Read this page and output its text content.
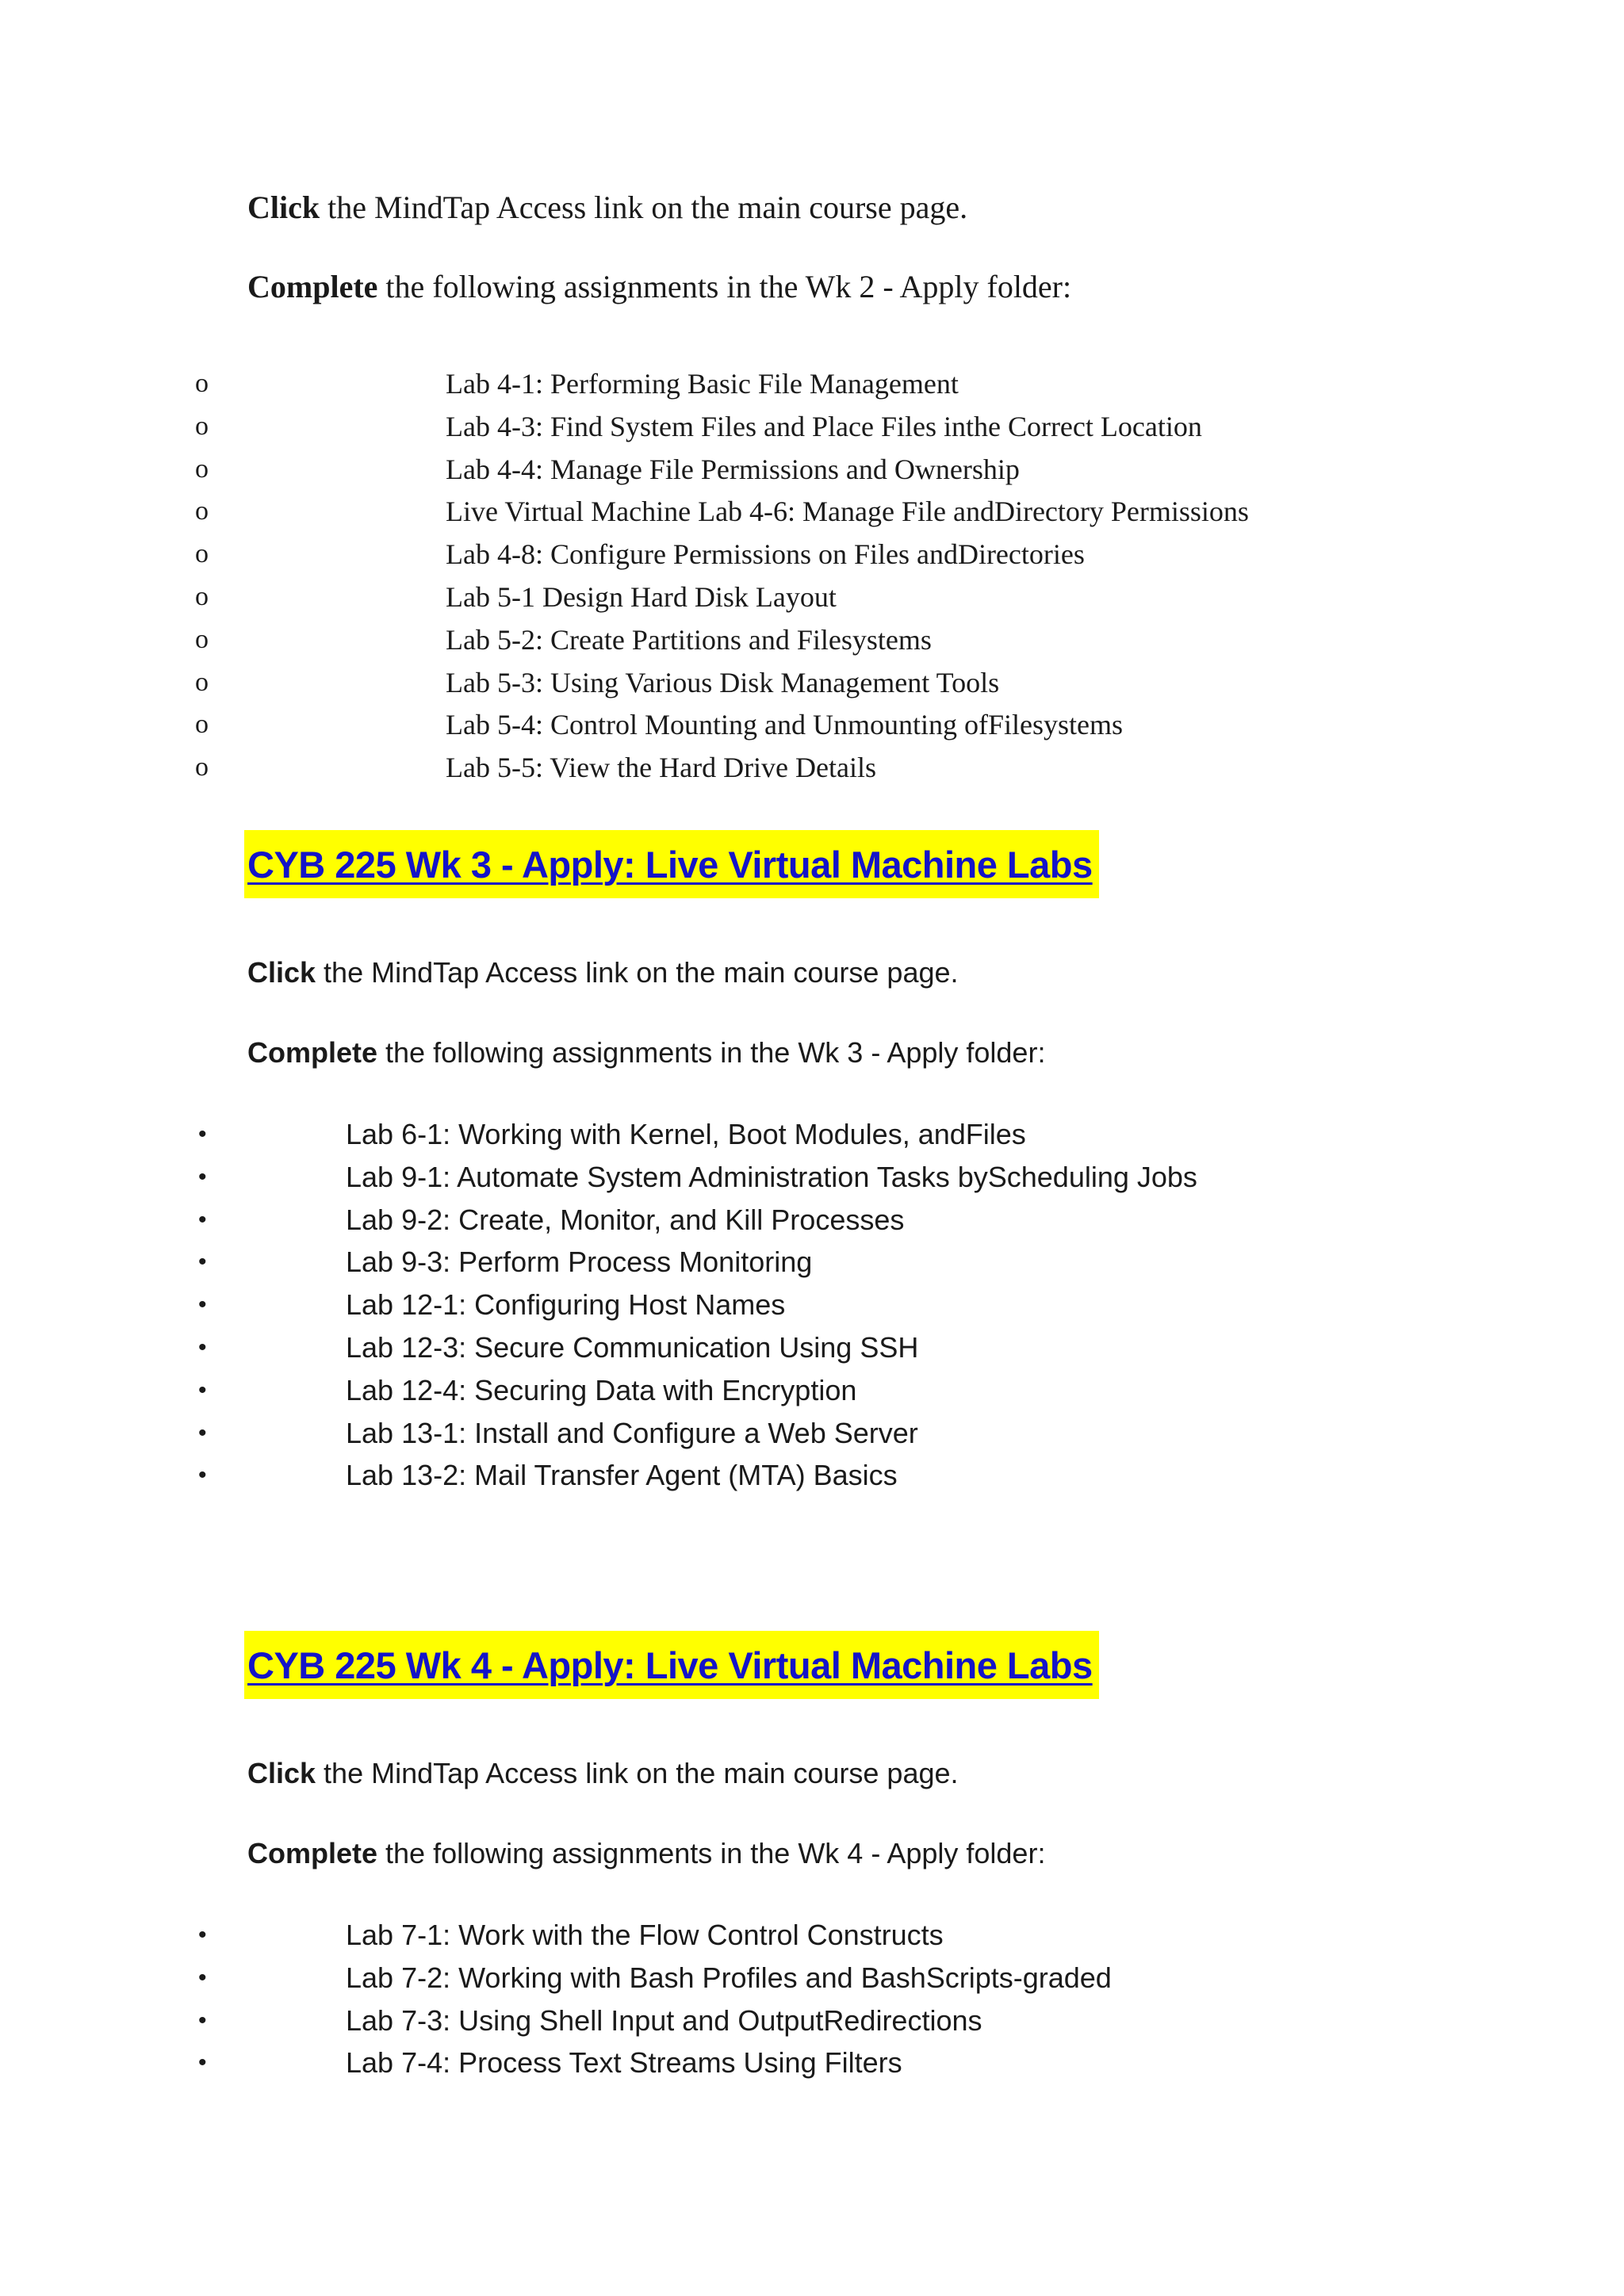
Click the MindTap Access link on the main course page.

Complete the following assignments in the Wk 2 - Apply folder:

o	Lab 4-1: Performing Basic File Management
o	Lab 4-3: Find System Files and Place Files inthe Correct Location
o	Lab 4-4: Manage File Permissions and Ownership
o	Live Virtual Machine Lab 4-6: Manage File andDirectory Permissions
o	Lab 4-8: Configure Permissions on Files andDirectories
o	Lab 5-1 Design Hard Disk Layout
o	Lab 5-2: Create Partitions and Filesystems
o	Lab 5-3: Using Various Disk Management Tools
o	Lab 5-4: Control Mounting and Unmounting ofFilesystems
o	Lab 5-5: View the Hard Drive Details
CYB 225 Wk 3 - Apply: Live Virtual Machine Labs

Click the MindTap Access link on the main course page.

Complete the following assignments in the Wk 3 - Apply folder:

•	Lab 6-1: Working with Kernel, Boot Modules, andFiles
•	Lab 9-1: Automate System Administration Tasks byScheduling Jobs
•	Lab 9-2: Create, Monitor, and Kill Processes
•	Lab 9-3: Perform Process Monitoring
•	Lab 12-1: Configuring Host Names
•	Lab 12-3: Secure Communication Using SSH
•	Lab 12-4: Securing Data with Encryption
•	Lab 13-1: Install and Configure a Web Server
•	Lab 13-2: Mail Transfer Agent (MTA) Basics
CYB 225 Wk 4 - Apply: Live Virtual Machine Labs

Click the MindTap Access link on the main course page.

Complete the following assignments in the Wk 4 - Apply folder:

•	Lab 7-1: Work with the Flow Control Constructs
•	Lab 7-2: Working with Bash Profiles and BashScripts-graded
•	Lab 7-3: Using Shell Input and OutputRedirections
•	Lab 7-4: Process Text Streams Using Filters
